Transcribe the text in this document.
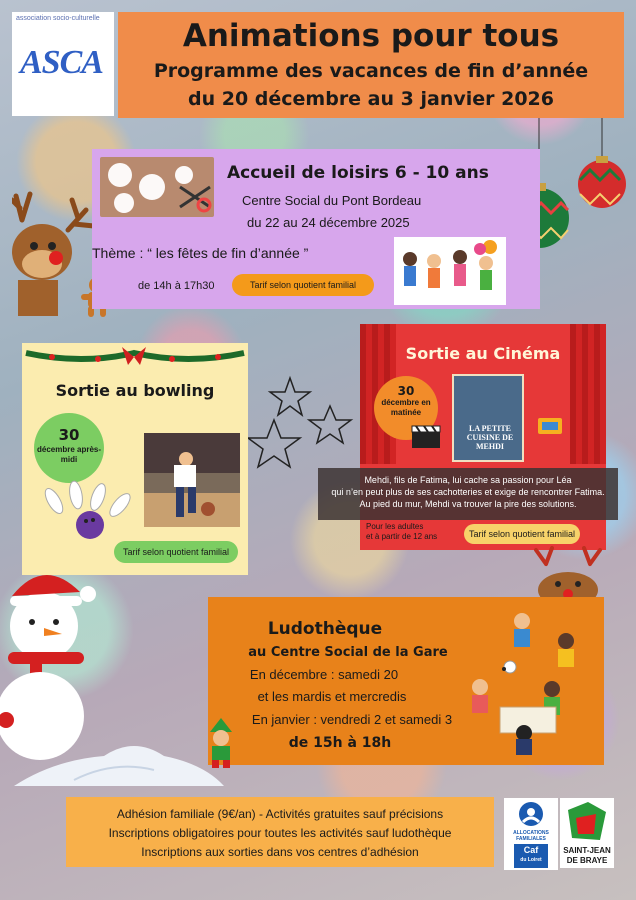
association socio-culturelle
ASCA
Animations pour tous
Programme des vacances de fin d’année
du 20 décembre au 3 janvier 2026
Accueil de loisirs 6 - 10 ans
Centre Social du Pont Bordeau
du 22 au 24 décembre 2025
Thème : “ les fêtes de fin d’année ”
de 14h à 17h30	Tarif selon quotient familial
Sortie au bowling
30
décembre après-midi
Tarif selon quotient familial
Sortie au Cinéma
30
décembre en matinée
LA PETITE CUISINE DE MEHDI
Pour les adultes
et à partir de 12 ans	Tarif selon quotient familial
Mehdi, fils de Fatima, lui cache sa passion pour Léa
qui n’en peut plus de ses cachotteries et exige de rencontrer Fatima.
Au pied du mur, Mehdi va trouver la pire des solutions.
Ludothèque
au Centre Social de la Gare
En décembre : samedi 20
et les mardis et mercredis
En janvier : vendredi 2 et samedi 3
de 15h à 18h
Adhésion familiale (9€/an) - Activités gratuites sauf précisions
Inscriptions obligatoires pour toutes les activités sauf ludothèque
Inscriptions aux sorties dans vos centres d’adhésion
ALLOCATIONS
FAMILIALES
Caf
du Loiret
SAINT-JEAN
DE BRAYE
